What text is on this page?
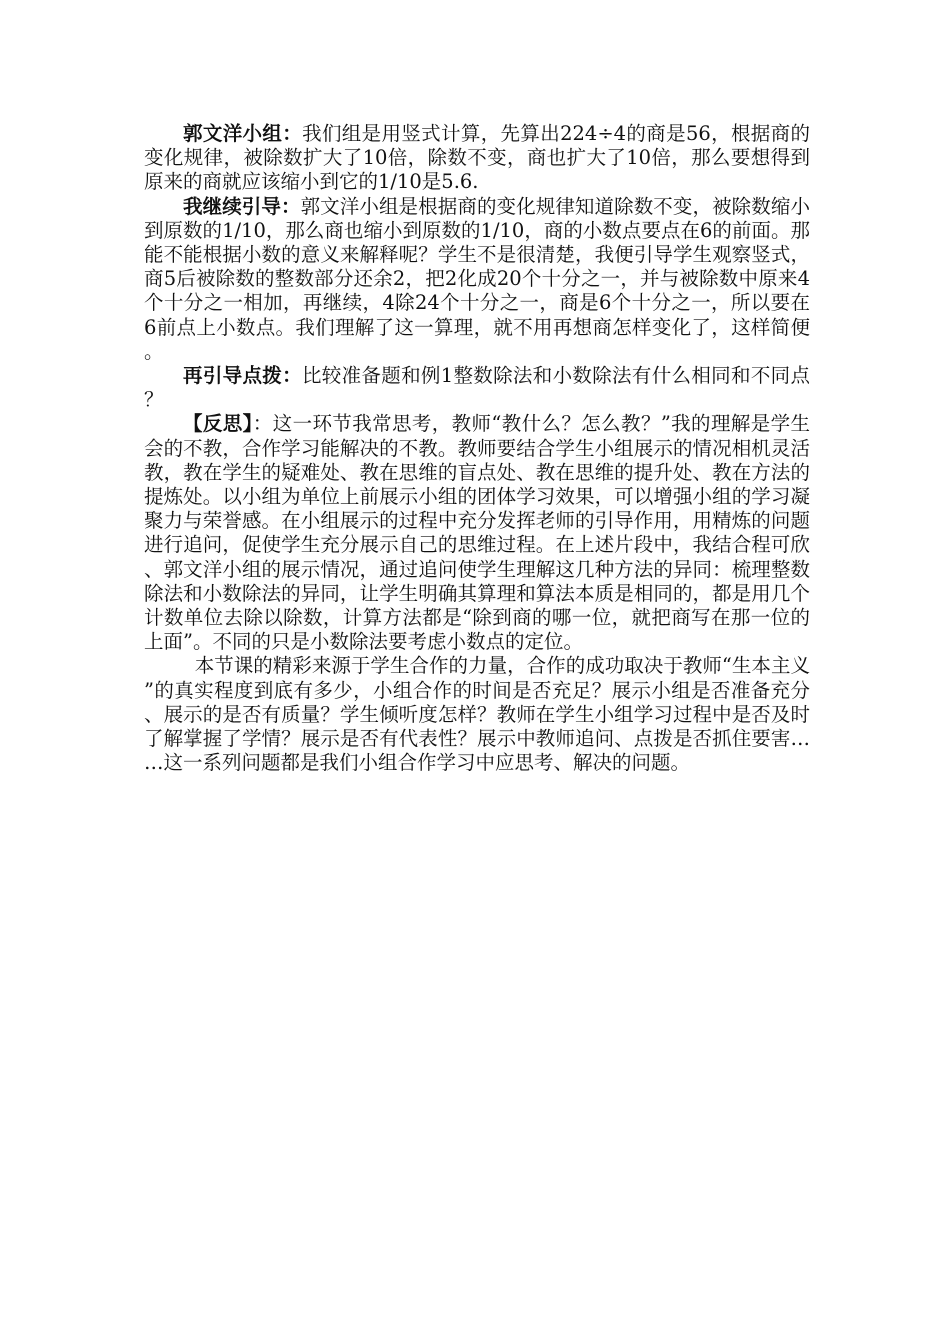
郭文洋小组：我们组是用竖式计算，先算出224÷4的商是56，根据商的变化规律，被除数扩大了10倍，除数不变，商也扩大了10倍，那么要想得到原来的商就应该缩小到它的1/10是5.6.

我继续引导：郭文洋小组是根据商的变化规律知道除数不变，被除数缩小到原数的1/10，那么商也缩小到原数的1/10，商的小数点要点在6的前面。那能不能根据小数的意义来解释呢？学生不是很清楚，我便引导学生观察竖式，商5后被除数的整数部分还余2，把2化成20个十分之一，并与被除数中原来4个十分之一相加，再继续，4除24个十分之一，商是6个十分之一，所以要在6前点上小数点。我们理解了这一算理，就不用再想商怎样变化了，这样简便。

再引导点拨：比较准备题和例1整数除法和小数除法有什么相同和不同点？

【反思】：这一环节我常思考，教师“教什么？怎么教？”我的理解是学生会的不教，合作学习能解决的不教。教师要结合学生小组展示的情况相机灵活教，教在学生的疑难处、教在思维的盲点处、教在思维的提升处、教在方法的提炼处。以小组为单位上前展示小组的团体学习效果，可以增强小组的学习凝聚力与荣誉感。在小组展示的过程中充分发挥老师的引导作用，用精炼的问题进行追问，促使学生充分展示自己的思维过程。在上述片段中，我结合程可欣、郭文洋小组的展示情况，通过追问使学生理解这几种方法的异同：梳理整数除法和小数除法的异同，让学生明确其算理和算法本质是相同的，都是用几个计数单位去除以除数，计算方法都是“除到商的哪一位，就把商写在那一位的上面”。不同的只是小数除法要考虑小数点的定位。

本节课的精彩来源于学生合作的力量，合作的成功取决于教师“生本主义”的真实程度到底有多少，小组合作的时间是否充足？展示小组是否准备充分、展示的是否有质量？学生倾听度怎样？教师在学生小组学习过程中是否及时了解掌握了学情？展示是否有代表性？展示中教师追问、点拨是否抓住要害……这一系列问题都是我们小组合作学习中应思考、解决的问题。
